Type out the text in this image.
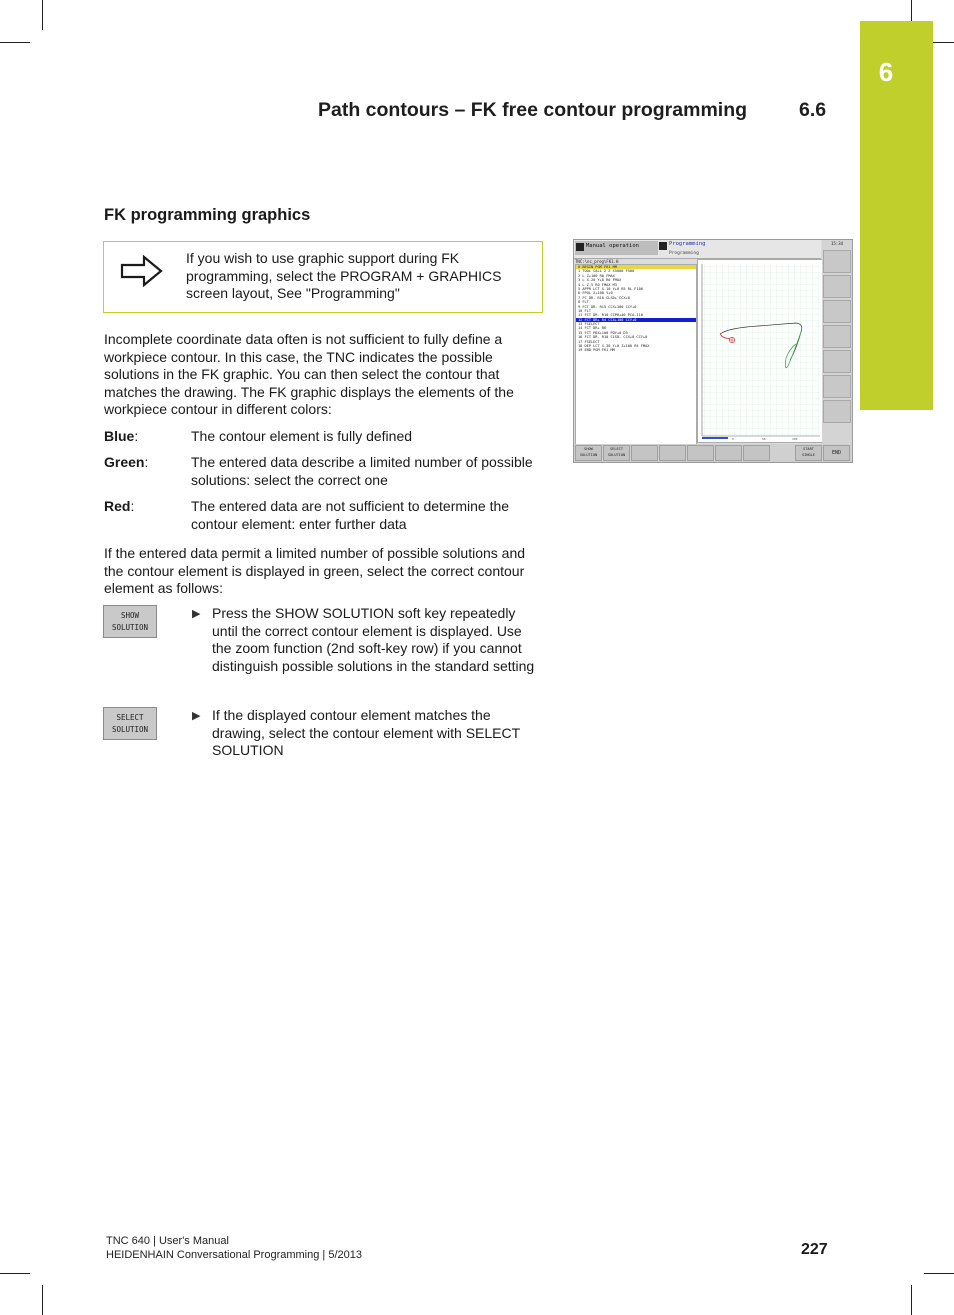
6
Path contours – FK free contour programming	6.6
FK programming graphics
If you wish to use graphic support during FK programming, select the PROGRAM + GRAPHICS screen layout, See "Programming"
Incomplete coordinate data often is not sufficient to fully define a workpiece contour. In this case, the TNC indicates the possible solutions in the FK graphic. You can then select the contour that matches the drawing. The FK graphic displays the elements of the workpiece contour in different colors:
Blue:	The contour element is fully defined
Green:	The entered data describe a limited number of possible solutions: select the correct one
Red:	The entered data are not sufficient to determine the contour element: enter further data
If the entered data permit a limited number of possible solutions and the contour element is displayed in green, select the correct contour element as follows:
SHOW
SOLUTION
▶ Press the SHOW SOLUTION soft key repeatedly until the correct contour element is displayed. Use the zoom function (2nd soft-key row) if you cannot distinguish possible solutions in the standard setting
SELECT
SOLUTION
▶ If the displayed contour element matches the drawing, select the contour element with SELECT SOLUTION
Manual operation	Programming
Programming
TNC:\nc_prog\FK1.H
0 BEGIN PGM FK1 MM
1 TOOL CALL 2 Z S5000 F500
2 L Z+100 R0 FMAX
3 L X-20 Y+0 R0 FMAX
4 L Z-5 R0 FMAX M3
5 APPR LCT X-10 Y+0 R5 RL F100
6 FPOL X+100 Y+0
7 FC DR- R10 CLSD+ CCX+0
8 FLT
9 FCT DR- R15 CCX+100 CCY+0
10 FLT
11 FCT DR- R10 CCPR+40 PCA-110
12 FCT DR+ R4 CCX+100 CCY+0
13 FSELECT
14 FCT DR+ R6
15 FCT PDX+100 PDY+0 D5
16 FCT DR- R10 CLSD- CCX+0 CCY+0
17 FSELECT
18 DEP LCT X-30 Y+0 Z+100 R5 FMAX
19 END PGM FK1 MM
0	50	100
15:34
SHOW SOLUTION
SELECT SOLUTION
START SINGLE	END
TNC 640 | User's Manual
HEIDENHAIN Conversational Programming | 5/2013	227
